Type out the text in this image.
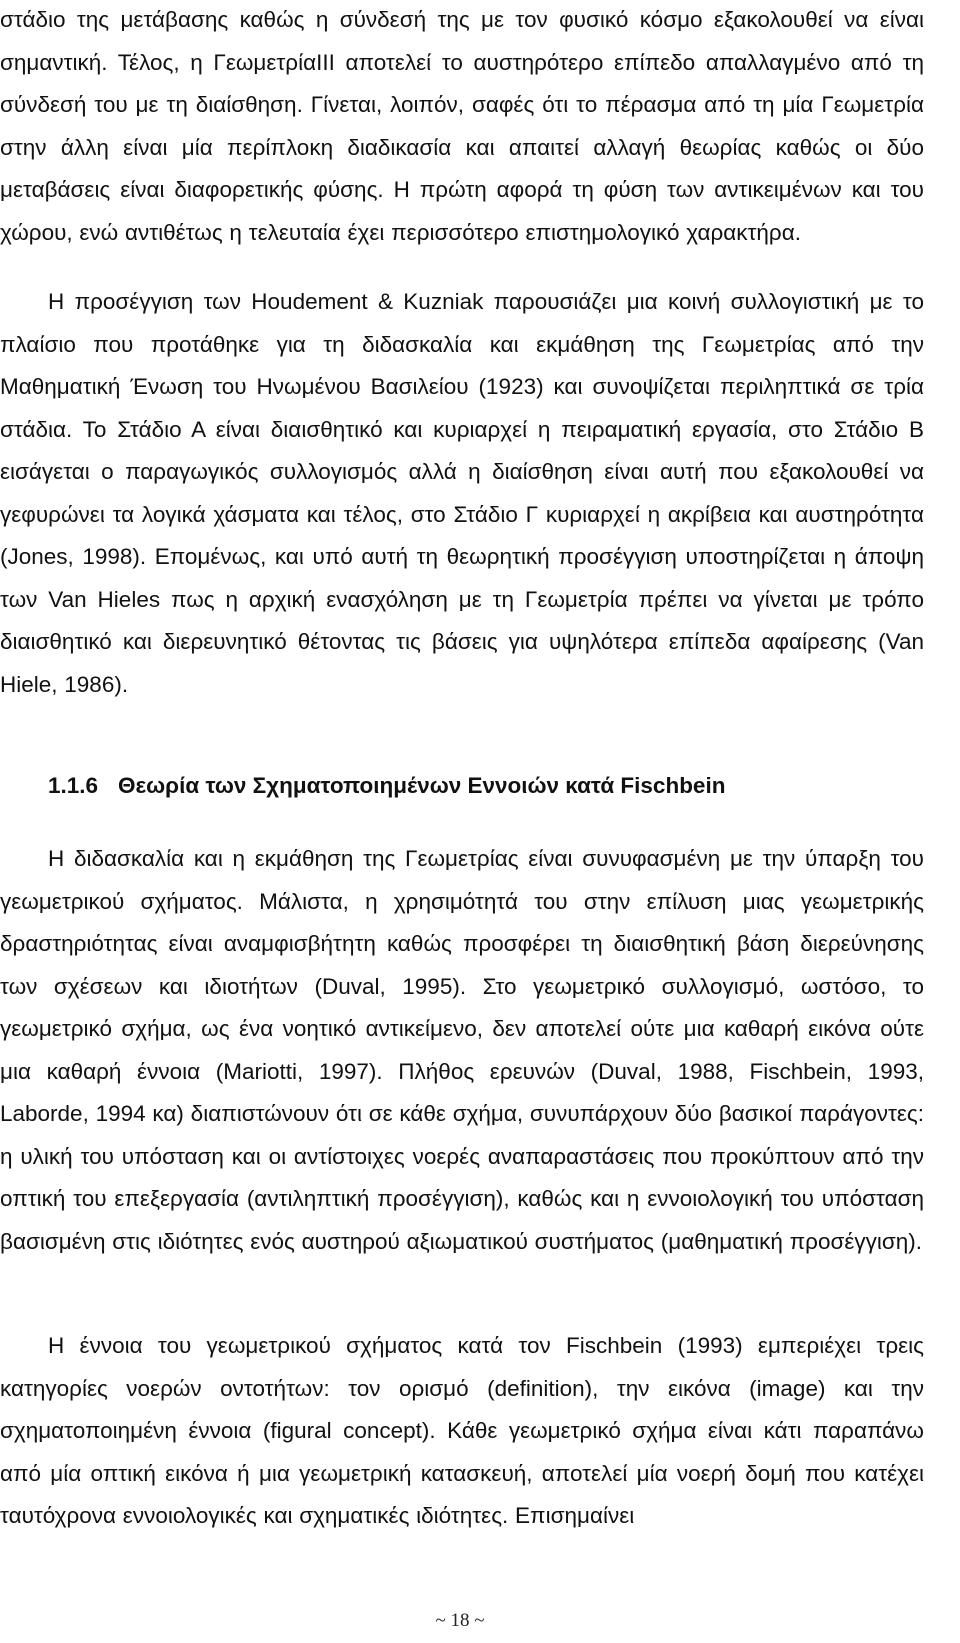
στάδιο της μετάβασης καθώς η σύνδεσή της με τον φυσικό κόσμο εξακολουθεί να είναι σημαντική. Τέλος, η ΓεωμετρίαIII αποτελεί το αυστηρότερο επίπεδο απαλλαγμένο από τη σύνδεσή του με τη διαίσθηση. Γίνεται, λοιπόν, σαφές ότι το πέρασμα από τη μία Γεωμετρία στην άλλη είναι μία περίπλοκη διαδικασία και απαιτεί αλλαγή θεωρίας καθώς οι δύο μεταβάσεις είναι διαφορετικής φύσης. Η πρώτη αφορά τη φύση των αντικειμένων και του χώρου, ενώ αντιθέτως η τελευταία έχει περισσότερο επιστημολογικό χαρακτήρα.

Η προσέγγιση των Houdement & Kuzniak παρουσιάζει μια κοινή συλλογιστική με το πλαίσιο που προτάθηκε για τη διδασκαλία και εκμάθηση της Γεωμετρίας από την Μαθηματική Ένωση του Ηνωμένου Βασιλείου (1923) και συνοψίζεται περιληπτικά σε τρία στάδια. Το Στάδιο Α είναι διαισθητικό και κυριαρχεί η πειραματική εργασία, στο Στάδιο Β εισάγεται ο παραγωγικός συλλογισμός αλλά η διαίσθηση είναι αυτή που εξακολουθεί να γεφυρώνει τα λογικά χάσματα και τέλος, στο Στάδιο Γ κυριαρχεί η ακρίβεια και αυστηρότητα (Jones, 1998). Επομένως, και υπό αυτή τη θεωρητική προσέγγιση υποστηρίζεται η άποψη των Van Hieles πως η αρχική ενασχόληση με τη Γεωμετρία πρέπει να γίνεται με τρόπο διαισθητικό και διερευνητικό θέτοντας τις βάσεις για υψηλότερα επίπεδα αφαίρεσης (Van Hiele, 1986).

Η διδασκαλία και η εκμάθηση της Γεωμετρίας είναι συνυφασμένη με την ύπαρξη του γεωμετρικού σχήματος. Μάλιστα, η χρησιμότητά του στην επίλυση μιας γεωμετρικής δραστηριότητας είναι αναμφισβήτητη καθώς προσφέρει τη διαισθητική βάση διερεύνησης των σχέσεων και ιδιοτήτων (Duval, 1995). Στο γεωμετρικό συλλογισμό, ωστόσο, το γεωμετρικό σχήμα, ως ένα νοητικό αντικείμενο, δεν αποτελεί ούτε μια καθαρή εικόνα ούτε μια καθαρή έννοια (Mariotti, 1997). Πλήθος ερευνών (Duval, 1988, Fischbein, 1993, Laborde, 1994 κα) διαπιστώνουν ότι σε κάθε σχήμα, συνυπάρχουν δύο βασικοί παράγοντες: η υλική του υπόσταση και οι αντίστοιχες νοερές αναπαραστάσεις που προκύπτουν από την οπτική του επεξεργασία (αντιληπτική προσέγγιση), καθώς και η εννοιολογική του υπόσταση βασισμένη στις ιδιότητες ενός αυστηρού αξιωματικού συστήματος (μαθηματική προσέγγιση).

Η έννοια του γεωμετρικού σχήματος κατά τον Fischbein (1993) εμπεριέχει τρεις κατηγορίες νοερών οντοτήτων: τον ορισμό (definition), την εικόνα (image) και την σχηματοποιημένη έννοια (figural concept). Κάθε γεωμετρικό σχήμα είναι κάτι παραπάνω από μία οπτική εικόνα ή μια γεωμετρική κατασκευή, αποτελεί μία νοερή δομή που κατέχει ταυτόχρονα εννοιολογικές και σχηματικές ιδιότητες. Επισημαίνει

1.1.6 Θεωρία των Σχηματοποιημένων Εννοιών κατά Fischbein
~ 18 ~
